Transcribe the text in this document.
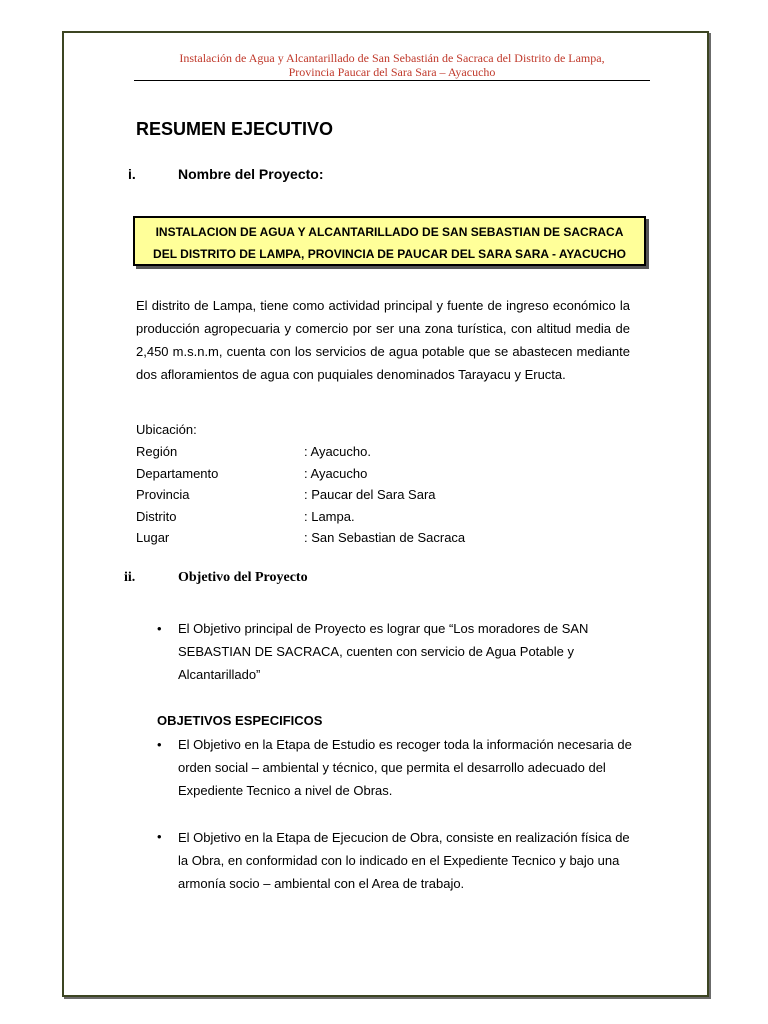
Instalación de Agua y Alcantarillado de San Sebastián de Sacraca del Distrito de Lampa,
Provincia Paucar del Sara Sara – Ayacucho
RESUMEN EJECUTIVO
i.	Nombre del Proyecto:
INSTALACION DE AGUA Y ALCANTARILLADO DE SAN SEBASTIAN DE SACRACA
DEL DISTRITO DE LAMPA, PROVINCIA DE PAUCAR DEL SARA SARA - AYACUCHO
El distrito de Lampa, tiene como actividad principal y fuente de ingreso económico la producción agropecuaria y comercio por ser una zona turística, con altitud media de 2,450 m.s.n.m, cuenta con los servicios de agua potable que se abastecen mediante dos afloramientos de agua con puquiales denominados Tarayacu y Eructa.
Ubicación:
Región	: Ayacucho.
Departamento	: Ayacucho
Provincia	: Paucar del Sara Sara
Distrito	: Lampa.
Lugar	: San Sebastian de Sacraca
ii.	Objetivo del Proyecto
• El Objetivo principal de Proyecto es lograr que “Los moradores de SAN SEBASTIAN DE SACRACA, cuenten con servicio de Agua Potable y Alcantarillado”
OBJETIVOS ESPECIFICOS
• El Objetivo en la Etapa de Estudio es recoger toda la información necesaria de orden social – ambiental y técnico, que permita el desarrollo adecuado del Expediente Tecnico a nivel de Obras.
• El Objetivo en la Etapa de Ejecucion de Obra, consiste en realización física de la Obra, en conformidad con lo indicado en el Expediente Tecnico y bajo una armonía socio – ambiental con el Area de trabajo.
